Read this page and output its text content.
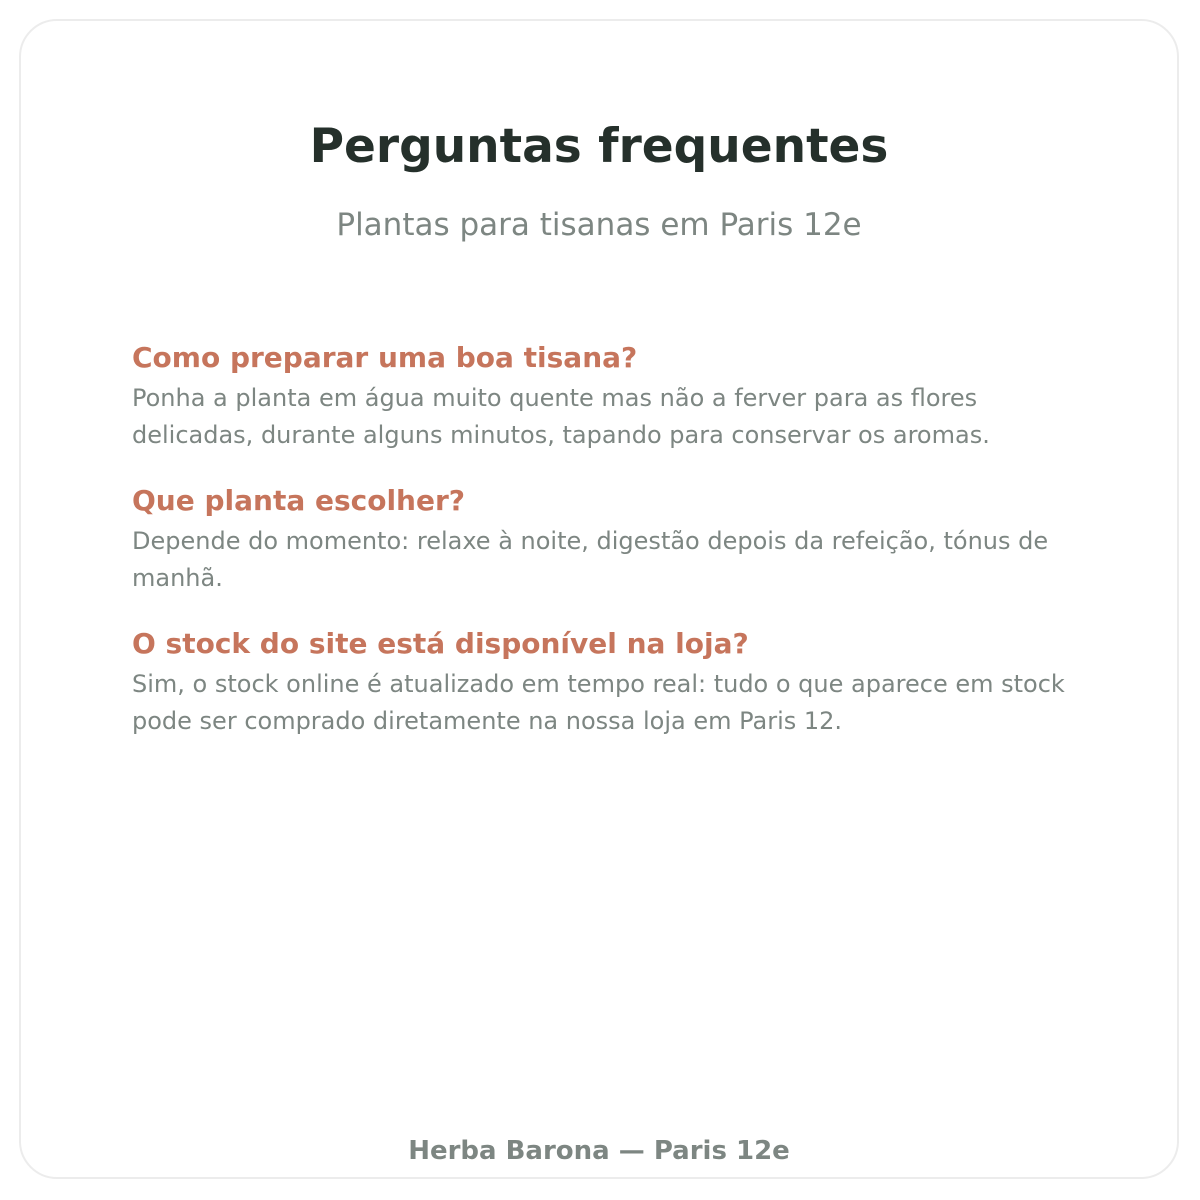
Perguntas frequentes
Plantas para tisanas em Paris 12e
Como preparar uma boa tisana?
Ponha a planta em água muito quente mas não a ferver para as flores delicadas, durante alguns minutos, tapando para conservar os aromas.
Que planta escolher?
Depende do momento: relaxe à noite, digestão depois da refeição, tónus de manhã.
O stock do site está disponível na loja?
Sim, o stock online é atualizado em tempo real: tudo o que aparece em stock pode ser comprado diretamente na nossa loja em Paris 12.
Herba Barona — Paris 12e
